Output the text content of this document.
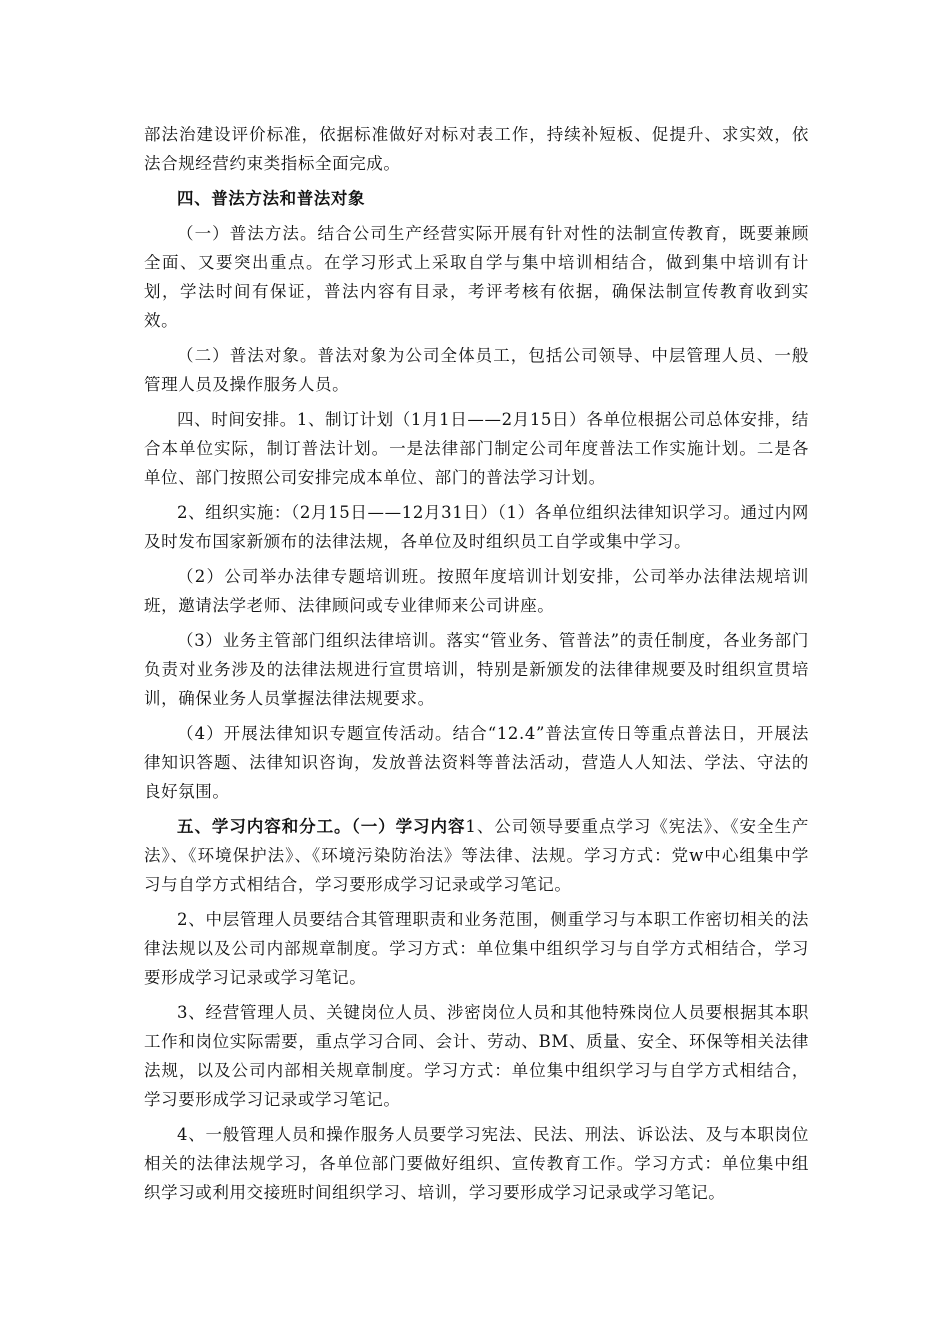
部法治建设评价标准，依据标准做好对标对表工作，持续补短板、促提升、求实效，依法合规经营约束类指标全面完成。

四、普法方法和普法对象

（一）普法方法。结合公司生产经营实际开展有针对性的法制宣传教育，既要兼顾全面、又要突出重点。在学习形式上采取自学与集中培训相结合，做到集中培训有计划，学法时间有保证，普法内容有目录，考评考核有依据，确保法制宣传教育收到实效。

（二）普法对象。普法对象为公司全体员工，包括公司领导、中层管理人员、一般管理人员及操作服务人员。

四、时间安排。1、制订计划（1月1日——2月15日）各单位根据公司总体安排，结合本单位实际，制订普法计划。一是法律部门制定公司年度普法工作实施计划。二是各单位、部门按照公司安排完成本单位、部门的普法学习计划。

2、组织实施：（2月15日——12月31日）（1）各单位组织法律知识学习。通过内网及时发布国家新颁布的法律法规，各单位及时组织员工自学或集中学习。

（2）公司举办法律专题培训班。按照年度培训计划安排，公司举办法律法规培训班，邀请法学老师、法律顾问或专业律师来公司讲座。

（3）业务主管部门组织法律培训。落实“管业务、管普法”的责任制度，各业务部门负责对业务涉及的法律法规进行宣贯培训，特别是新颁发的法律律规要及时组织宣贯培训，确保业务人员掌握法律法规要求。

（4）开展法律知识专题宣传活动。结合“12.4”普法宣传日等重点普法日，开展法律知识答题、法律知识咨询，发放普法资料等普法活动，营造人人知法、学法、守法的良好氛围。

五、学习内容和分工。（一）学习内容1、公司领导要重点学习《宪法》、《安全生产法》、《环境保护法》、《环境污染防治法》等法律、法规。学习方式：党w中心组集中学习与自学方式相结合，学习要形成学习记录或学习笔记。

2、中层管理人员要结合其管理职责和业务范围，侧重学习与本职工作密切相关的法律法规以及公司内部规章制度。学习方式：单位集中组织学习与自学方式相结合，学习要形成学习记录或学习笔记。

3、经营管理人员、关键岗位人员、涉密岗位人员和其他特殊岗位人员要根据其本职工作和岗位实际需要，重点学习合同、会计、劳动、BM、质量、安全、环保等相关法律法规，以及公司内部相关规章制度。学习方式：单位集中组织学习与自学方式相结合，学习要形成学习记录或学习笔记。

4、一般管理人员和操作服务人员要学习宪法、民法、刑法、诉讼法、及与本职岗位相关的法律法规学习，各单位部门要做好组织、宣传教育工作。学习方式：单位集中组织学习或利用交接班时间组织学习、培训，学习要形成学习记录或学习笔记。
